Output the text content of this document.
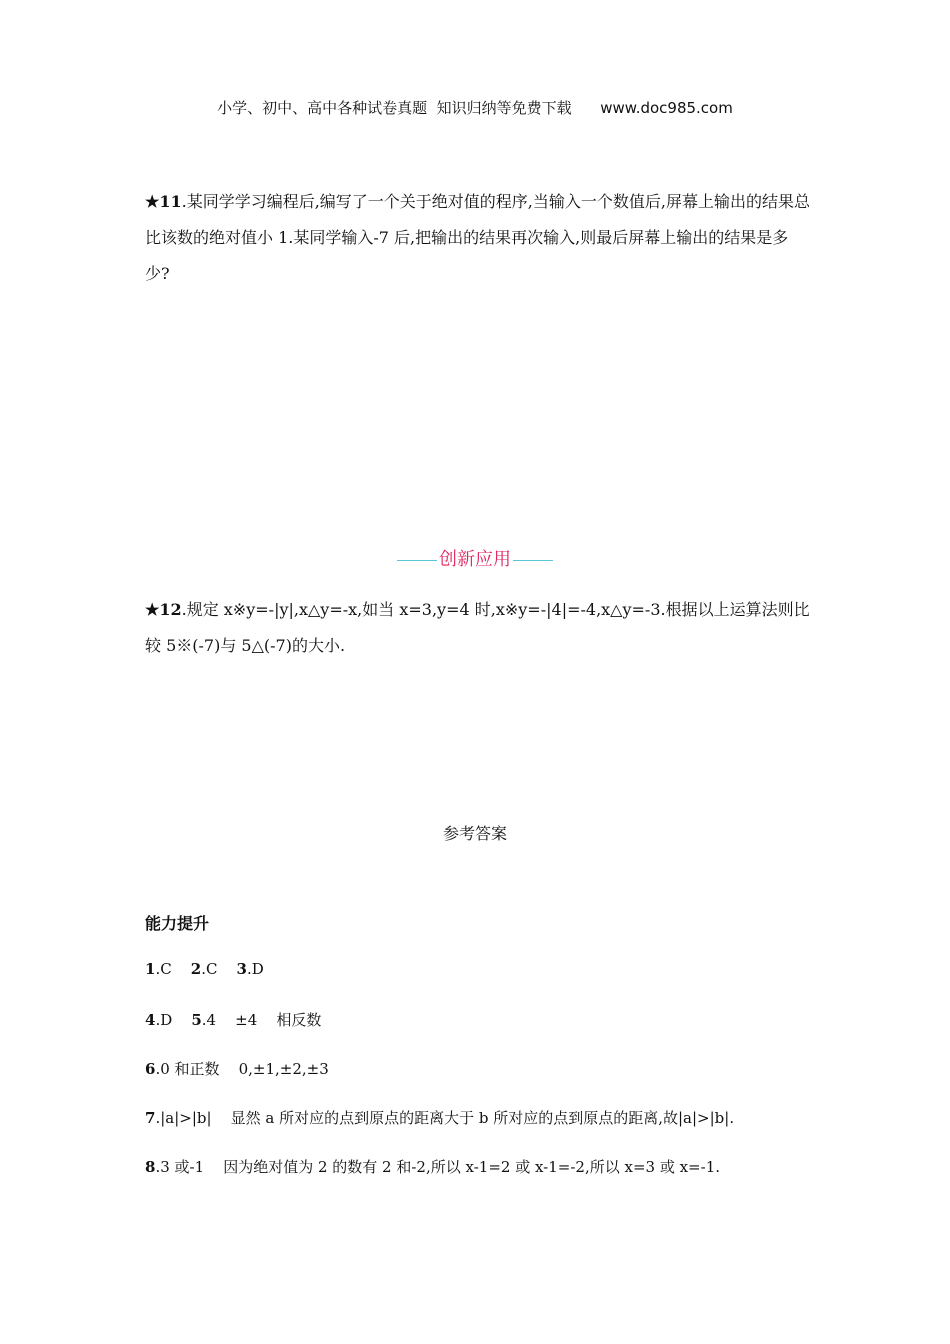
小学、初中、高中各种试卷真题  知识归纳等免费下载      www.doc985.com
★11.某同学学习编程后,编写了一个关于绝对值的程序,当输入一个数值后,屏幕上输出的结果总比该数的绝对值小 1.某同学输入-7 后,把输出的结果再次输入,则最后屏幕上输出的结果是多少?
创新应用
★12.规定 x※y=-|y|,x△y=-x,如当 x=3,y=4 时,x※y=-|4|=-4,x△y=-3.根据以上运算法则比较 5※(-7)与 5△(-7)的大小.
参考答案
能力提升
1.C    2.C    3.D
4.D    5.4    ±4    相反数
6.0 和正数    0,±1,±2,±3
7.|a|>|b|    显然 a 所对应的点到原点的距离大于 b 所对应的点到原点的距离,故|a|>|b|.
8.3 或-1    因为绝对值为 2 的数有 2 和-2,所以 x-1=2 或 x-1=-2,所以 x=3 或 x=-1.
